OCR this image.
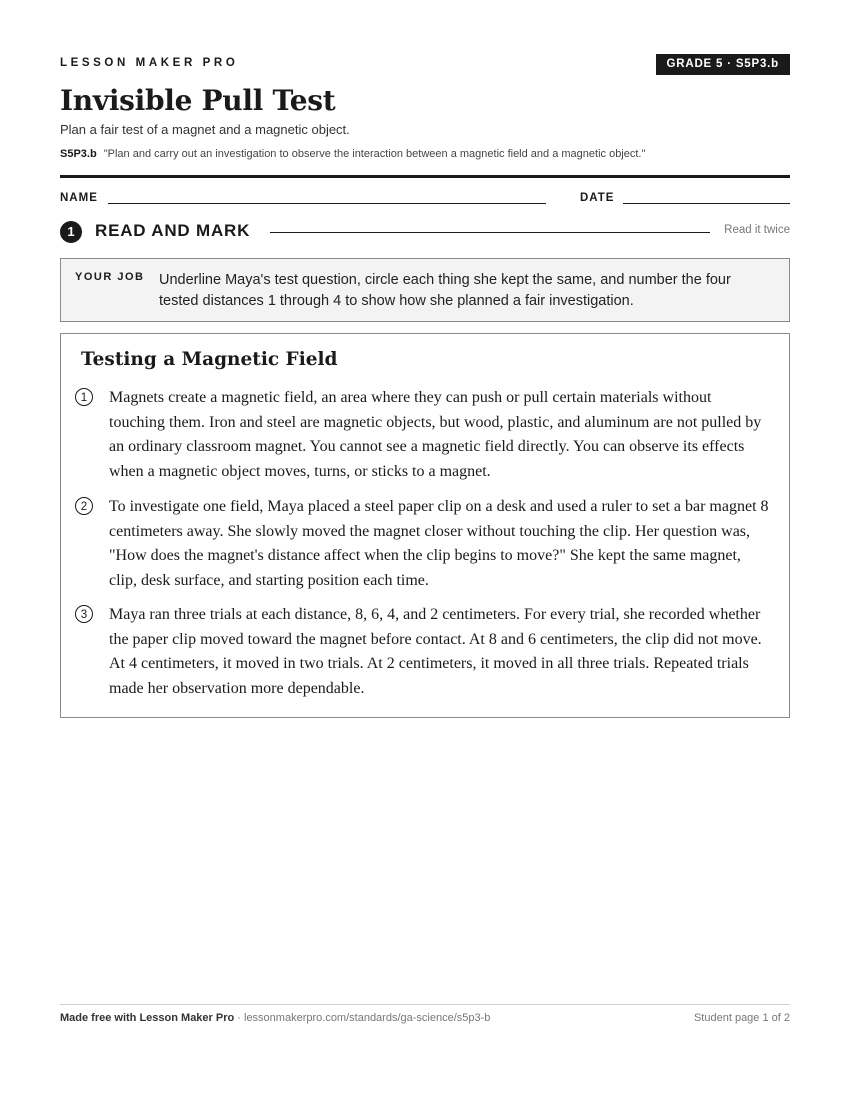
LESSON MAKER PRO	GRADE 5 · S5P3.b
Invisible Pull Test
Plan a fair test of a magnet and a magnetic object.
S5P3.b "Plan and carry out an investigation to observe the interaction between a magnetic field and a magnetic object."
NAME	DATE
1	READ AND MARK	Read it twice
YOUR JOB Underline Maya's test question, circle each thing she kept the same, and number the four tested distances 1 through 4 to show how she planned a fair investigation.
Testing a Magnetic Field
1	Magnets create a magnetic field, an area where they can push or pull certain materials without touching them. Iron and steel are magnetic objects, but wood, plastic, and aluminum are not pulled by an ordinary classroom magnet. You cannot see a magnetic field directly. You can observe its effects when a magnetic object moves, turns, or sticks to a magnet.
2	To investigate one field, Maya placed a steel paper clip on a desk and used a ruler to set a bar magnet 8 centimeters away. She slowly moved the magnet closer without touching the clip. Her question was, "How does the magnet's distance affect when the clip begins to move?" She kept the same magnet, clip, desk surface, and starting position each time.
3	Maya ran three trials at each distance, 8, 6, 4, and 2 centimeters. For every trial, she recorded whether the paper clip moved toward the magnet before contact. At 8 and 6 centimeters, the clip did not move. At 4 centimeters, it moved in two trials. At 2 centimeters, it moved in all three trials. Repeated trials made her observation more dependable.
Made free with Lesson Maker Pro · lessonmakerpro.com/standards/ga-science/s5p3-b	Student page 1 of 2
